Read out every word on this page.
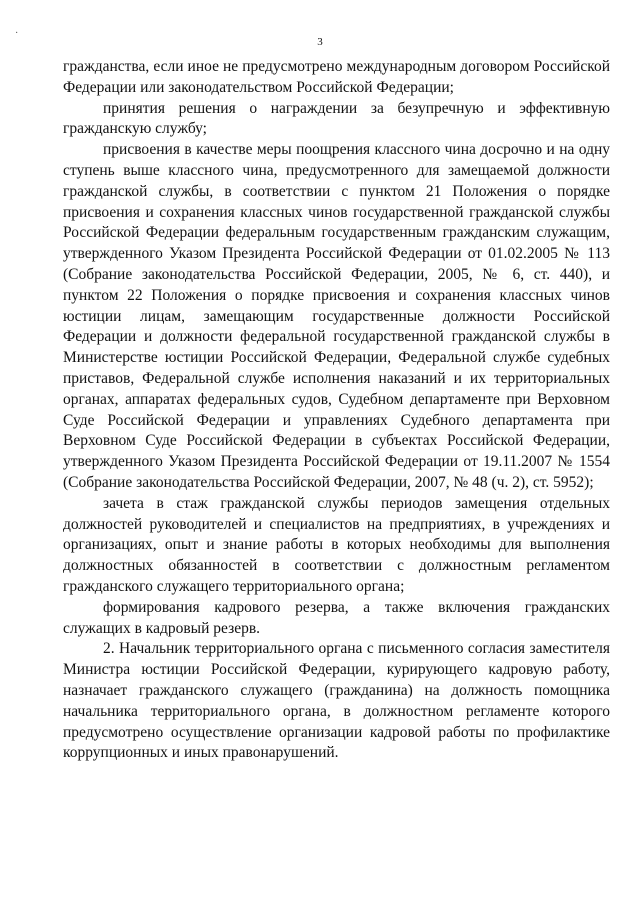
·
3

гражданства, если иное не предусмотрено международным договором Российской Федерации или законодательством Российской Федерации;

принятия решения о награждении за безупречную и эффективную гражданскую службу;

присвоения в качестве меры поощрения классного чина досрочно и на одну ступень выше классного чина, предусмотренного для замещаемой должности гражданской службы, в соответствии с пунктом 21 Положения о порядке присвоения и сохранения классных чинов государственной гражданской службы Российской Федерации федеральным государственным гражданским служащим, утвержденного Указом Президента Российской Федерации от 01.02.2005 № 113 (Собрание законодательства Российской Федерации, 2005, № 6, ст. 440), и пунктом 22 Положения о порядке присвоения и сохранения классных чинов юстиции лицам, замещающим государственные должности Российской Федерации и должности федеральной государственной гражданской службы в Министерстве юстиции Российской Федерации, Федеральной службе судебных приставов, Федеральной службе исполнения наказаний и их территориальных органах, аппаратах федеральных судов, Судебном департаменте при Верховном Суде Российской Федерации и управлениях Судебного департамента при Верховном Суде Российской Федерации в субъектах Российской Федерации, утвержденного Указом Президента Российской Федерации от 19.11.2007 № 1554 (Собрание законодательства Российской Федерации, 2007, № 48 (ч. 2), ст. 5952);

зачета в стаж гражданской службы периодов замещения отдельных должностей руководителей и специалистов на предприятиях, в учреждениях и организациях, опыт и знание работы в которых необходимы для выполнения должностных обязанностей в соответствии с должностным регламентом гражданского служащего территориального органа;

формирования кадрового резерва, а также включения гражданских служащих в кадровый резерв.

2. Начальник территориального органа с письменного согласия заместителя Министра юстиции Российской Федерации, курирующего кадровую работу, назначает гражданского служащего (гражданина) на должность помощника начальника территориального органа, в должностном регламенте которого предусмотрено осуществление организации кадровой работы по профилактике коррупционных и иных правонарушений.
